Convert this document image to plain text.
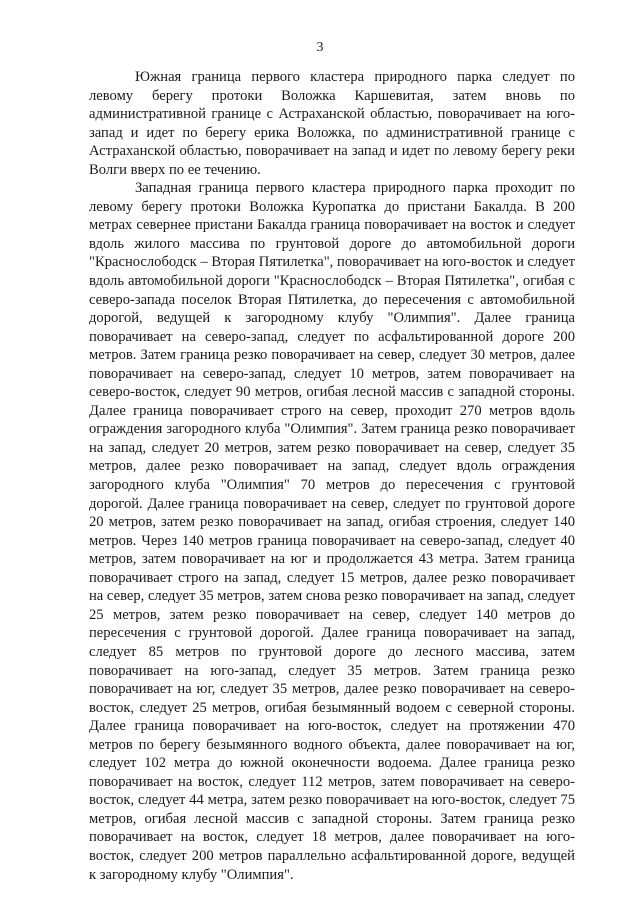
3

Южная граница первого кластера природного парка следует по левому берегу протоки Воложка Каршевитая, затем вновь по административной границе с Астраханской областью, поворачивает на юго-запад и идет по берегу ерика Воложка, по административной границе с Астраханской областью, поворачивает на запад и идет по левому берегу реки Волги вверх по ее течению.

Западная граница первого кластера природного парка проходит по левому берегу протоки Воложка Куропатка до пристани Бакалда. В 200 метрах севернее пристани Бакалда граница поворачивает на восток и следует вдоль жилого массива по грунтовой дороге до автомобильной дороги "Краснослободск – Вторая Пятилетка", поворачивает на юго-восток и следует вдоль автомобильной дороги "Краснослободск – Вторая Пятилетка", огибая с северо-запада поселок Вторая Пятилетка, до пересечения с автомобильной дорогой, ведущей к загородному клубу "Олимпия". Далее граница поворачивает на северо-запад, следует по асфальтированной дороге 200 метров. Затем граница резко поворачивает на север, следует 30 метров, далее поворачивает на северо-запад, следует 10 метров, затем поворачивает на северо-восток, следует 90 метров, огибая лесной массив с западной стороны. Далее граница поворачивает строго на север, проходит 270 метров вдоль ограждения загородного клуба "Олимпия". Затем граница резко поворачивает на запад, следует 20 метров, затем резко поворачивает на север, следует 35 метров, далее резко поворачивает на запад, следует вдоль ограждения загородного клуба "Олимпия" 70 метров до пересечения с грунтовой дорогой. Далее граница поворачивает на север, следует по грунтовой дороге 20 метров, затем резко поворачивает на запад, огибая строения, следует 140 метров. Через 140 метров граница поворачивает на северо-запад, следует 40 метров, затем поворачивает на юг и продолжается 43 метра. Затем граница поворачивает строго на запад, следует 15 метров, далее резко поворачивает на север, следует 35 метров, затем снова резко поворачивает на запад, следует 25 метров, затем резко поворачивает на север, следует 140 метров до пересечения с грунтовой дорогой. Далее граница поворачивает на запад, следует 85 метров по грунтовой дороге до лесного массива, затем поворачивает на юго-запад, следует 35 метров. Затем граница резко поворачивает на юг, следует 35 метров, далее резко поворачивает на северо-восток, следует 25 метров, огибая безымянный водоем с северной стороны. Далее граница поворачивает на юго-восток, следует на протяжении 470 метров по берегу безымянного водного объекта, далее поворачивает на юг, следует 102 метра до южной оконечности водоема. Далее граница резко поворачивает на восток, следует 112 метров, затем поворачивает на северо-восток, следует 44 метра, затем резко поворачивает на юго-восток, следует 75 метров, огибая лесной массив с западной стороны. Затем граница резко поворачивает на восток, следует 18 метров, далее поворачивает на юго-восток, следует 200 метров параллельно асфальтированной дороге, ведущей к загородному клубу "Олимпия".
